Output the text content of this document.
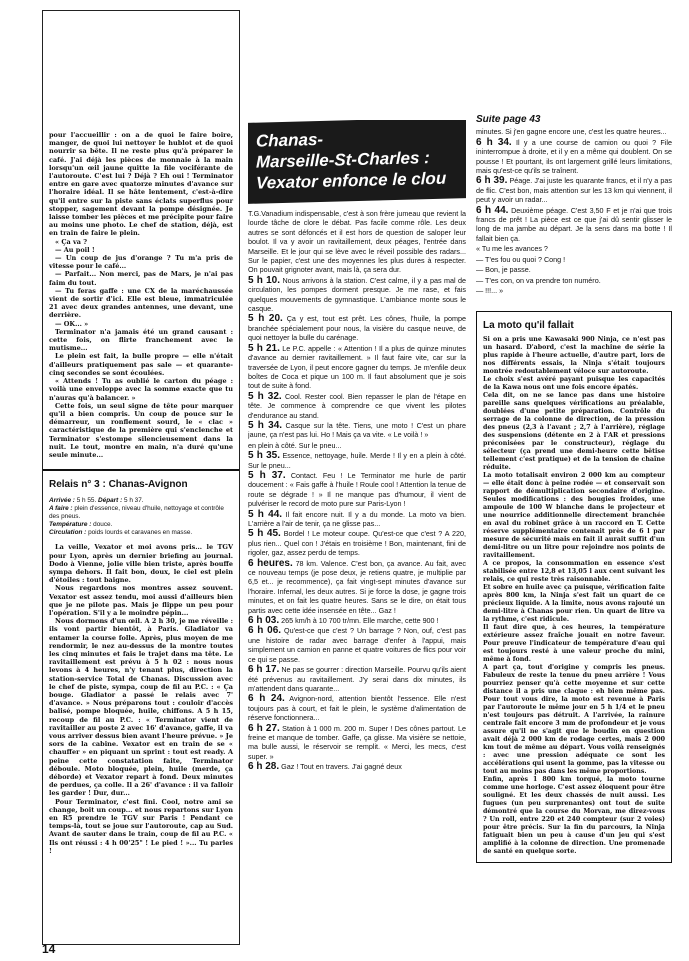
pour l'accueillir : on a de quoi le faire boire, manger, de quoi lui nettoyer le hublot et de quoi nourrir sa bête. Il ne reste plus qu'à préparer le café. J'ai déjà les pièces de monnaie à la main lorsqu'un œil jaune quitte la file vociférante de l'autoroute. C'est lui ? Déjà ? Eh oui ! Terminator entre en gare avec quatorze minutes d'avance sur l'horaire idéal. Il se hâte lentement, c'est-à-dire qu'il entre sur la piste sans éclats superflus pour stopper, sagement devant la pompe désignée. Je laisse tomber les pièces et me précipite pour faire au moins une photo. Le chef de station, déjà, est en train de faire le plein.

« Ça va ?

— Au poil !

— Un coup de jus d'orange ? Tu m'a pris de vitesse pour le café...

— Parfait... Non merci, pas de Mars, je n'ai pas faim du tout.

— Tu feras gaffe : une CX de la maréchaussée vient de sortir d'ici. Elle est bleue, immatriculée 21 avec deux grandes antennes, une devant, une derrière.

— OK... »

Terminator n'a jamais été un grand causant : cette fois, on flirte franchement avec le mutisme...

Le plein est fait, la bulle propre — elle n'était d'ailleurs pratiquement pas sale — et quarante-cinq secondes se sont écoulées.

« Attends ! Tu as oublié le carton du péage : voilà une enveloppe avec la somme exacte que tu n'auras qu'à balancer. »

Cette fois, un seul signe de tête pour marquer qu'il a bien compris. Un coup de pouce sur le démarreur, un ronflement sourd, le « clac » caractéristique de la première qui s'enclenche et Terminator s'estompe silencieusement dans la nuit. Le tout, montre en main, n'a duré qu'une seule minute...

Relais n° 3 : Chanas-Avignon
Arrivée : 5 h 55. Départ : 5 h 37.
A faire : plein d'essence, niveau d'huile, nettoyage et contrôle des pneus.
Température : douce.
Circulation : poids lourds et caravanes en masse.

La veille, Vexator et moi avons pris... le TGV pour Lyon, après un dernier briefing au journal. Dodo à Vienne, jolie ville bien triste, après bouffe sympa dehors. Il fait bon, doux, le ciel est plein d'étoiles : tout baigne.

Nous regardons nos montres assez souvent. Vexator est assez tendu, moi aussi d'ailleurs bien que je ne pilote pas. Mais je flippe un peu pour l'opération. S'il y a le moindre pépin...

Nous dormons d'un œil. A 2 h 30, je me réveille : ils vont partir bientôt, à Paris. Gladiator va entamer la course folle. Après, plus moyen de me rendormir, le nez au-dessus de la montre toutes les cinq minutes et fais le trajet dans ma tête. Le ravitaillement est prévu à 5 h 02 : nous nous levons à 4 heures, n'y tenant plus, direction la station-service Total de Chanas. Discussion avec le chef de piste, sympa, coup de fil au P.C. : « Ça bouge. Gladiator a passé le relais avec 7' d'avance. » Nous préparons tout : couloir d'accès balisé, pompe bloquée, huile, chiffons. A 5 h 15, recoup de fil au P.C. : « Terminator vient de ravitailler au poste 2 avec 16' d'avance, gaffe, il va vous arriver dessus bien avant l'heure prévue. » Je sors de la cabine. Vexator est en train de se « chauffer » en piquant un sprint : tout est ready. A peine cette constatation faite, Terminator déboule. Moto bloquée, plein, huile (merde, ça déborde) et Vexator repart à fond. Deux minutes de perdues, ça colle. Il a 26' d'avance : il va falloir les garder ! Dur, dur...

Pour Terminator, c'est fini. Cool, notre ami se change, boit un coup... et nous repartons sur Lyon en R5 prendre le TGV sur Paris ! Pendant ce temps-là, tout se joue sur l'autoroute, cap au Sud. Avant de sauter dans le train, coup de fil au P.C. « Ils ont réussi : 4 h 00'25" ! Le pied ! »... Tu parles !

Chanas-
Marseille-St-Charles :
Vexator enfonce le clou

T.G.Vanadium indispensable, c'est à son frère jumeau que revient la lourde tâche de clore le débat. Pas facile comme rôle. Les deux autres se sont défoncés et il est hors de question de saloper leur boulot. Il va y avoir un ravitaillement, deux péages, l'entrée dans Marseille. Et le jour qui se lève avec le réveil possible des radars... Sur le papier, c'est une des moyennes les plus dures à respecter. On pouvait grignoter avant, mais là, ça sera dur.

5 h 10. Nous arrivons à la station. C'est calme, il y a pas mal de circulation, les pompes dorment presque. Je me rase, et fais quelques mouvements de gymnastique. L'ambiance monte sous le casque.

5 h 20. Ça y est, tout est prêt. Les cônes, l'huile, la pompe branchée spécialement pour nous, la visière du casque neuve, de quoi nettoyer la bulle du carénage.

5 h 21. Le P.C. appelle : « Attention ! Il a plus de quinze minutes d'avance au dernier ravitaillement. » Il faut faire vite, car sur la traversée de Lyon, il peut encore gagner du temps. Je m'enfile deux boîtes de Coca et pique un 100 m. Il faut absolument que je sois tout de suite à fond.

5 h 32. Cool. Rester cool. Bien repasser le plan de l'étape en tête. Je commence à comprendre ce que vivent les pilotes d'endurance au stand.

5 h 34. Casque sur la tête. Tiens, une moto ! C'est un phare jaune, ça n'est pas lui. Ho ! Mais ça va vite. « Le voilà ! »

en plein à côté. Sur le pneu...

5 h 35. Essence, nettoyage, huile. Merde ! Il y en a plein à côté. Sur le pneu...

5 h 37. Contact. Feu ! Le Terminator me hurle de partir doucement : « Fais gaffe à l'huile ! Roule cool ! Attention la tenue de route se dégrade ! » Il ne manque pas d'humour, il vient de pulvériser le record de moto pure sur Paris-Lyon !

5 h 44. Il fait encore nuit. Il y a du monde. La moto va bien. L'arrière a l'air de tenir, ça ne glisse pas...

5 h 45. Bordel ! Le moteur coupe. Qu'est-ce que c'est ? A 220, plus rien... Quel con ! J'étais en troisième ! Bon, maintenant, fini de rigoler, gaz, assez perdu de temps.

6 heures. 78 km. Valence. C'est bon, ça avance. Au fait, avec ce nouveau temps (je pose deux, je retiens quatre, je multiplie par 6,5 et... je recommence), ça fait vingt-sept minutes d'avance sur l'horaire. Infernal, les deux autres. Si je force la dose, je gagne trois minutes, et on fait les quatre heures. Sans se le dire, on était tous partis avec cette idée insensée en tête... Gaz !

6 h 03. 265 km/h à 10 700 tr/mn. Elle marche, cette 900 !

6 h 06. Qu'est-ce que c'est ? Un barrage ? Non, ouf, c'est pas une histoire de radar avec barrage d'enfer à l'appui, mais simplement un camion en panne et quatre voitures de flics pour voir ce qui se passe.

6 h 17. Ne pas se gourrer : direction Marseille. Pourvu qu'ils aient été prévenus au ravitaillement. J'y serai dans dix minutes, ils m'attendent dans quarante...

6 h 24. Avignon-nord, attention bientôt l'essence. Elle n'est toujours pas à court, et fait le plein, le système d'alimentation de réserve fonctionnera...

6 h 27. Station à 1 000 m. 200 m. Super ! Des cônes partout. Le freine et manque de tomber. Gaffe, ça glisse. Ma visière se nettoie, ma bulle aussi, le réservoir se remplit. « Merci, les mecs, c'est super. »

6 h 28. Gaz ! Tout en travers. J'ai gagné deux

Suite page 43

minutes. Si j'en gagne encore une, c'est les quatre heures...

6 h 34. Il y a une course de camion ou quoi ? File ininterrompue à droite, et il y en a même qui doublent. On se pousse ! Et pourtant, ils ont largement grillé leurs limitations, mais qu'est-ce qu'ils se traînent.

6 h 39. Péage. J'ai juste les quarante francs, et il n'y a pas de flic. C'est bon, mais attention sur les 13 km qui viennent, il peut y avoir un radar...

6 h 44. Deuxième péage. C'est 3,50 F et je n'ai que trois francs de prêt ! La pièce est ce que j'ai dû sentir glisser le long de ma jambe au départ. Je la sens dans ma botte ! Il fallait bien ça.

« Tu me les avances ?

— T'es fou ou quoi ? Cong !

— Bon, je passe.

— T'es con, on va prendre ton numéro.

— !!!... »

La moto qu'il fallait

Si on a pris une Kawasaki 900 Ninja, ce n'est pas un hasard. D'abord, c'est la machine de série la plus rapide à l'heure actuelle, d'autre part, lors de nos différents essais, la Ninja s'était toujours montrée redoutablement véloce sur autoroute.

Le choix s'est avéré payant puisque les capacités de la Kawa nous ont une fois encore épatés.

Cela dit, on ne se lance pas dans une histoire pareille sans quelques vérifications au préalable, doublées d'une petite préparation. Contrôle du serrage de la colonne de direction, de la pression des pneus (2,3 à l'avant ; 2,7 à l'arrière), réglage des suspensions (détente en 2 à l'AR et pressions préconisées par le constructeur), réglage du sélecteur (ça prend une demi-heure cette bêtise tellement c'est pratique) et de la tension de chaîne réduite.

La moto totalisait environ 2 000 km au compteur — elle était donc à peine rodée — et conservait son rapport de démultiplication secondaire d'origine. Seules modifications : des bougies froides, une ampoule de 100 W blanche dans le projecteur et une nourrice additionnelle directement branchée en aval du robinet grâce à un raccord en T. Cette réserve supplémentaire contenait près de 6 l par mesure de sécurité mais en fait il aurait suffit d'un demi-litre ou un litre pour rejoindre nos points de ravitaillement.

A ce propos, la consommation en essence s'est stabilisée entre 12,8 et 13,05 l aux cent suivant les relais, ce qui reste très raisonnable.

Et sobre en huile avec ça puisque, vérification faite après 800 km, la Ninja s'est fait un quart de ce précieux liquide. A la limite, nous avons rajouté un demi-litre à Chanas pour rien. Un quart de litre va la rythme, c'est ridicule.

Il faut dire que, à ces heures, la température extérieure assez fraîche jouait en notre faveur. Pour preuve l'indicateur de température d'eau qui est toujours resté à une valeur proche du mini, même à fond.

A part ça, tout d'origine y compris les pneus. Fabuleux de reste la tenue du pneu arrière ! Vous pourriez penser qu'à cette moyenne et sur cette distance il a pris une claque : eh bien même pas. Pour tout vous dire, la moto est revenue à Paris par l'autoroute le même jour en 5 h 1/4 et le pneu n'est toujours pas détruit. A l'arrivée, la rainure centrale fait encore 3 mm de profondeur et je vous assure qu'il ne s'agit que le boudin en question avait déjà 2 000 km de rodage certes, mais 2 000 km tout de même au départ. Vous voilà renseignés : avec une pression adéquate ce sont les accélérations qui usent la gomme, pas la vitesse ou tout au moins pas dans les même proportions.

Enfin, après 1 800 km torqué, la moto tourne comme une horloge. C'est assez éloquent pour être souligné. Et les deux chassés de nuit aussi. Les fugues (un peu surprenantes) ont tout de suite démontré que la course du Morvan, me direz-vous ? Un roll, entre 220 et 240 compteur (sur 2 voies) pour être précis. Sur la fin du parcours, la Ninja fatiguait bien un peu à cause d'un jeu qui s'est amplifié à la colonne de direction. Une promenade de santé en quelque sorte.

14
